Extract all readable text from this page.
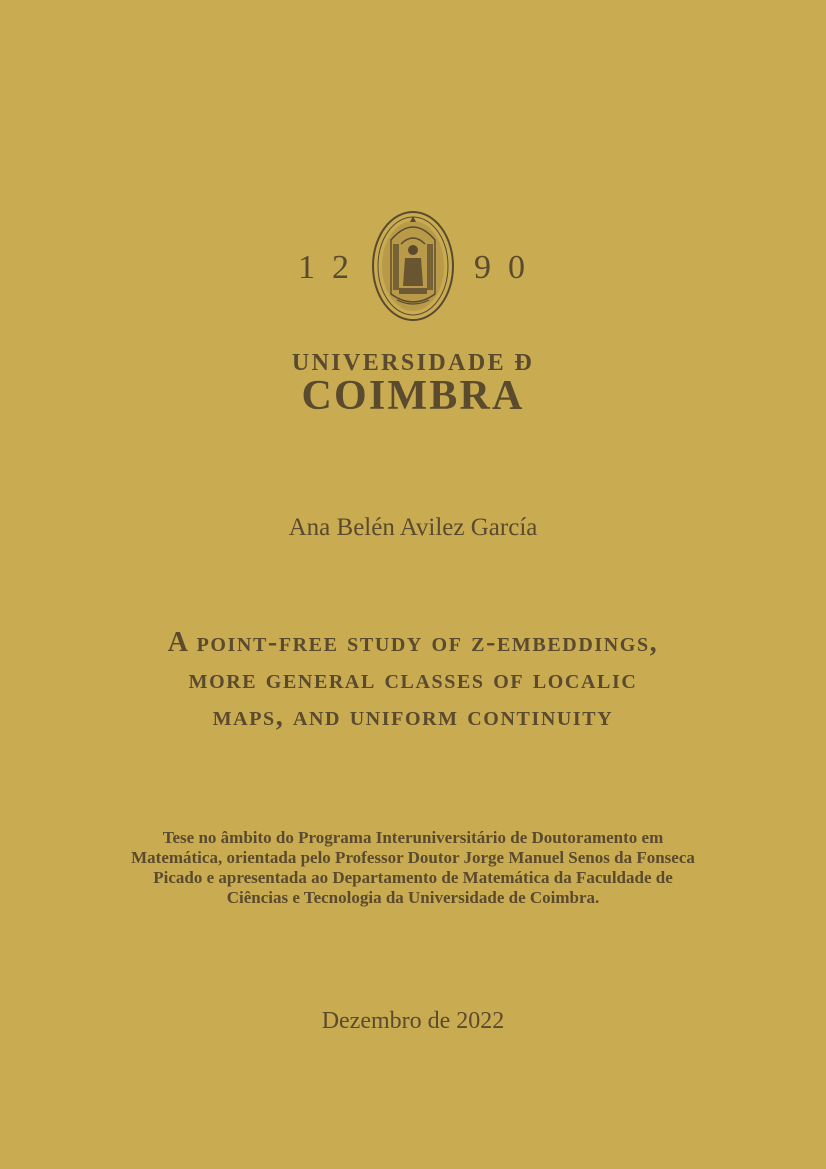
1 2	9 0
UNIVERSIDADE Đ
COIMBRA
Ana Belén Avilez García
A point-free study of z-embeddings,
more general classes of localic
maps, and uniform continuity
Tese no âmbito do Programa Interuniversitário de Doutoramento em
Matemática, orientada pelo Professor Doutor Jorge Manuel Senos da Fonseca
Picado e apresentada ao Departamento de Matemática da Faculdade de
Ciências e Tecnologia da Universidade de Coimbra.
Dezembro de 2022
